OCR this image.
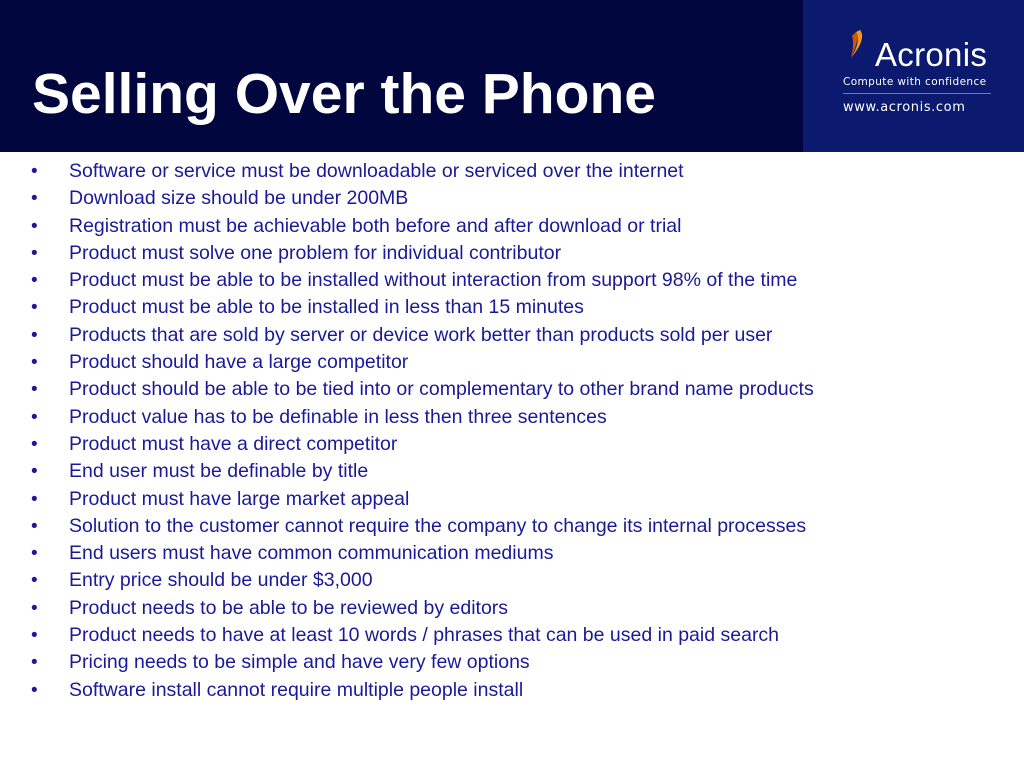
Selling Over the Phone
Acronis
Compute with confidence
www.acronis.com
• Software or service must be downloadable or serviced over the internet
• Download size should be under 200MB
• Registration must be achievable both before and after download or trial
• Product must solve one problem for individual contributor
• Product must be able to be installed without interaction from support 98% of the time
• Product must be able to be installed in less than 15 minutes
• Products that are sold by server or device work better than products sold per user
• Product should have a large competitor
• Product should be able to be tied into or complementary to other brand name products
• Product value has to be definable in less then three sentences
• Product must have a direct competitor
• End user must be definable by title
• Product must have large market appeal
• Solution to the customer cannot require the company to change its internal processes
• End users must have common communication mediums
• Entry price should be under $3,000
• Product needs to be able to be reviewed by editors
• Product needs to have at least 10 words / phrases that can be used in paid search
• Pricing needs to be simple and have very few options
• Software install cannot require multiple people install
